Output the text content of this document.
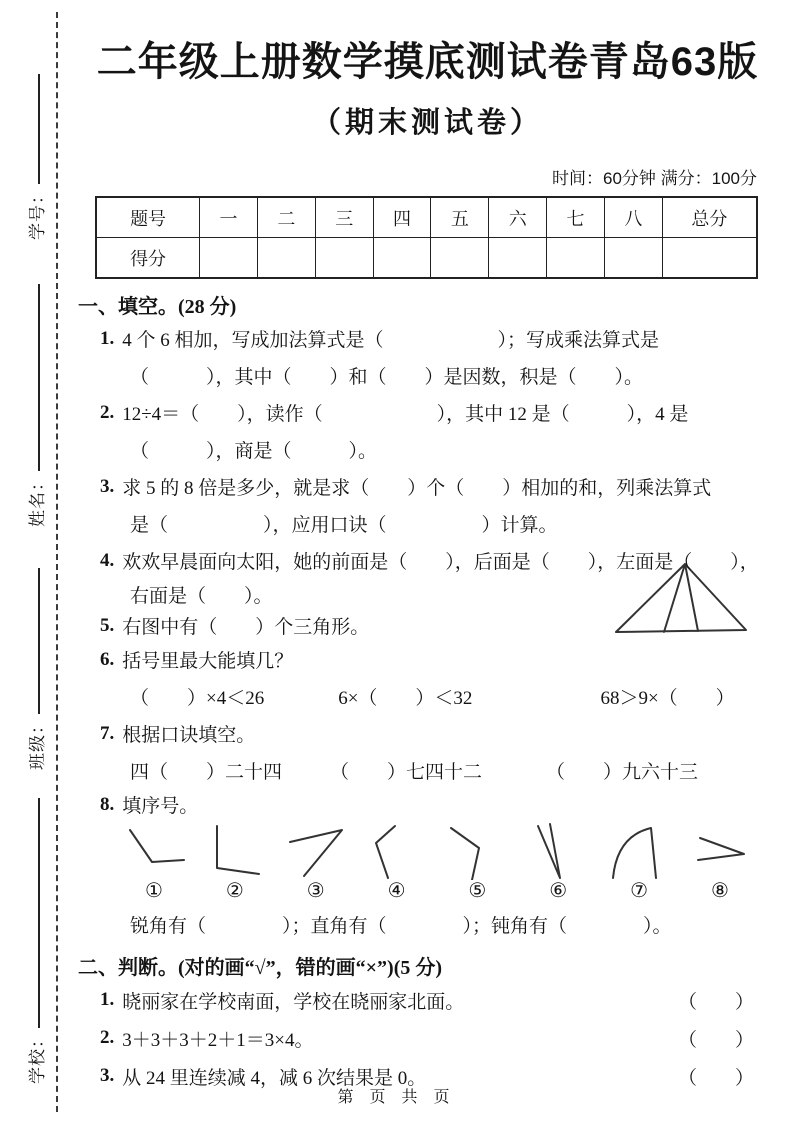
学号：
姓名：
班级：
学校：
二年级上册数学摸底测试卷青岛63版
（期末测试卷）
时间：60分钟 满分：100分
题号	一	二	三	四	五	六	七	八	总分
得分									
一、填空。(28 分)
1. 4 个 6 相加，写成加法算式是（　　　　　　）；写成乘法算式是
（　　　），其中（　　）和（　　）是因数，积是（　　）。
2. 12÷4＝（　　），读作（　　　　　　），其中 12 是（　　　），4 是
（　　　），商是（　　　）。
3. 求 5 的 8 倍是多少，就是求（　　）个（　　）相加的和，列乘法算式
是（　　　　　），应用口诀（　　　　　）计算。
4. 欢欢早晨面向太阳，她的前面是（　　），后面是（　　），左面是（　　），
右面是（　　）。
5. 右图中有（　　）个三角形。
6. 括号里最大能填几？
（　　）×4＜26	6×（　　）＜32	68＞9×（　　）
7. 根据口诀填空。
四（　　）二十四	（　　）七四十二	（　　）九六十三
8. 填序号。
①	②	③	④	⑤	⑥	⑦	⑧
锐角有（　　　　）；直角有（　　　　）；钝角有（　　　　）。
二、判断。(对的画“√”，错的画“×”)(5 分)
1. 晓丽家在学校南面，学校在晓丽家北面。	（　　）
2. 3＋3＋3＋2＋1＝3×4。	（　　）
3. 从 24 里连续减 4，减 6 次结果是 0。	（　　）
第 页 共 页
